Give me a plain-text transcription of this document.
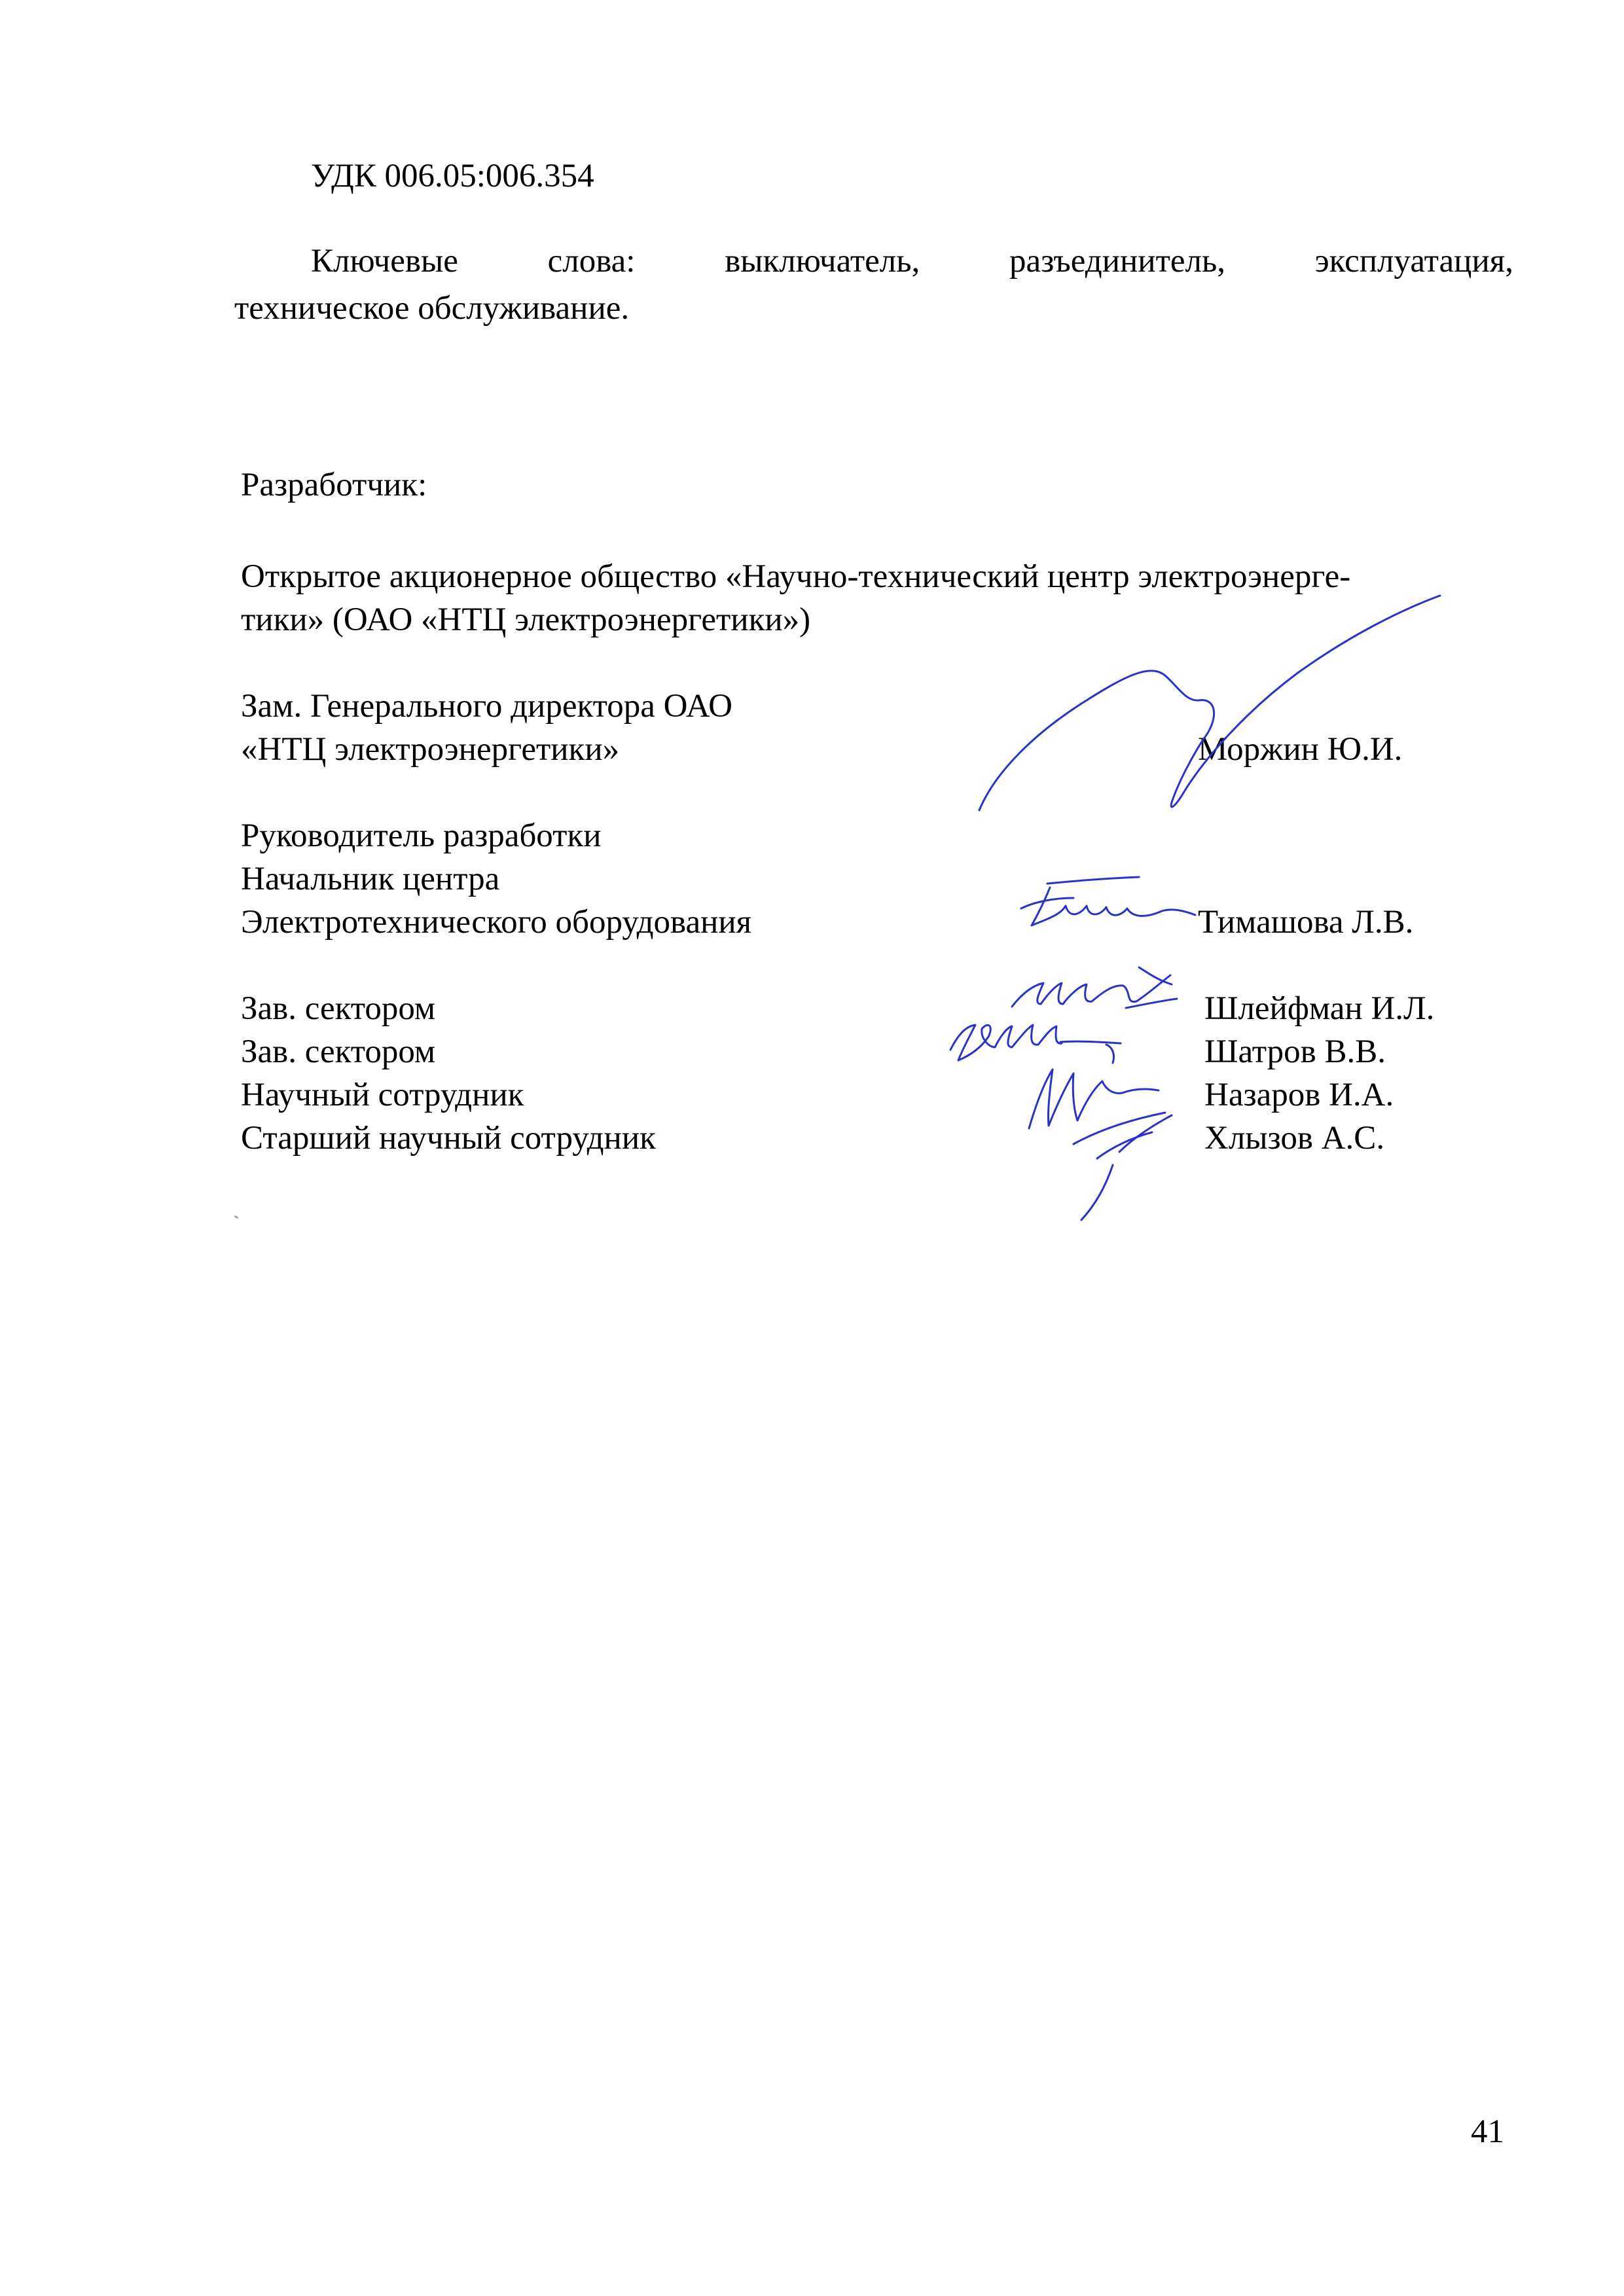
УДК 006.05:006.354
Ключевые	слова:	выключатель,	разъединитель,	эксплуатация,
техническое обслуживание.
Разработчик:
Открытое акционерное общество «Научно-технический центр электроэнерге-
тики» (ОАО «НТЦ электроэнергетики»)
Зам. Генерального директора ОАО
«НТЦ электроэнергетики»	Моржин Ю.И.
Руководитель разработки
Начальник центра
Электротехнического оборудования	Тимашова Л.В.
Зав. сектором	Шлейфман И.Л.
Зав. сектором	Шатров В.В.
Научный сотрудник	Назаров И.А.
Старший научный сотрудник	Хлызов А.С.
41
